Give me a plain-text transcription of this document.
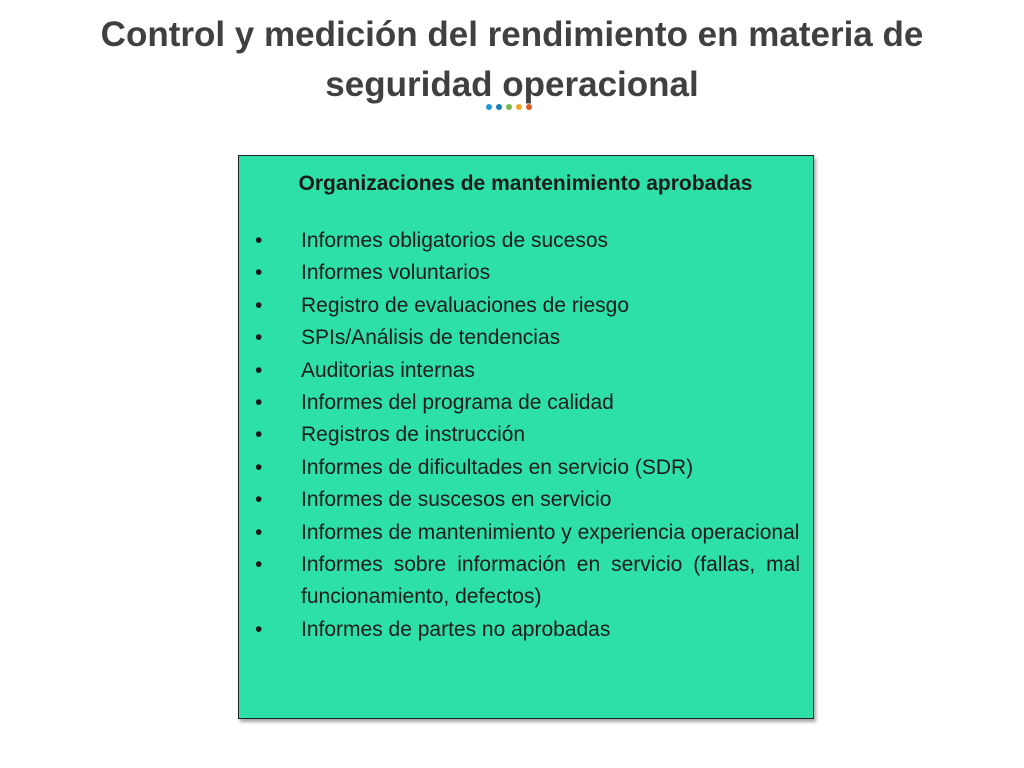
Control y medición del rendimiento en materia de seguridad operacional
Organizaciones de mantenimiento aprobadas
•	Informes obligatorios de sucesos
•	Informes voluntarios
•	Registro de evaluaciones de riesgo
•	SPIs/Análisis de tendencias
•	Auditorias internas
•	Informes del programa de calidad
•	Registros de instrucción
•	Informes de dificultades en servicio (SDR)
•	Informes de suscesos en servicio
•	Informes de mantenimiento y experiencia operacional
•	Informes sobre información en servicio (fallas, mal funcionamiento, defectos)
•	Informes de partes no aprobadas
